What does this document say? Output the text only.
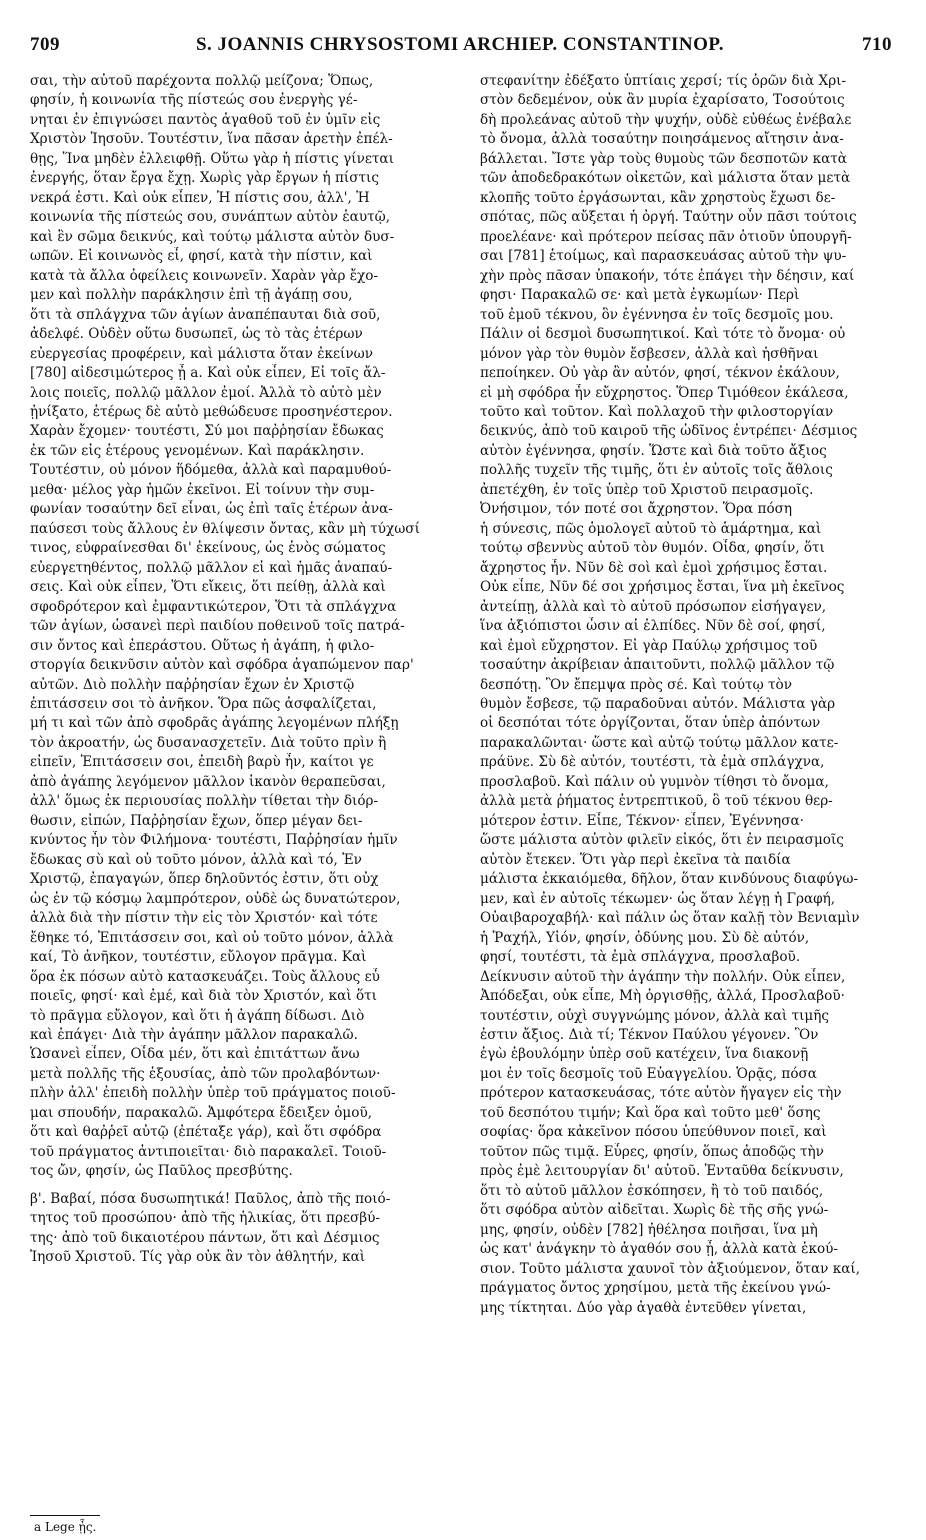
709	S. JOANNIS CHRYSOSTOMI ARCHIEP. CONSTANTINOP.	710
σαι, τὴν αὐτοῦ παρέχοντα πολλῷ μείζονα; Ὅπως,
φησίν, ἡ κοινωνία τῆς πίστεώς σου ἐνεργὴς γέ-
νηται ἐν ἐπιγνώσει παντὸς ἀγαθοῦ τοῦ ἐν ὑμῖν εἰς
Χριστὸν Ἰησοῦν. Τουτέστιν, ἵνα πᾶσαν ἀρετὴν ἐπέλ-
θῃς, Ἵνα μηδὲν ἐλλειφθῇ. Οὕτω γὰρ ἡ πίστις γίνεται
ἐνεργής, ὅταν ἔργα ἔχῃ. Χωρὶς γὰρ ἔργων ἡ πίστις
νεκρά ἐστι. Καὶ οὐκ εἶπεν, Ἡ πίστις σου, ἀλλ', Ἡ
κοινωνία τῆς πίστεώς σου, συνάπτων αὐτὸν ἑαυτῷ,
καὶ ἓν σῶμα δεικνύς, καὶ τούτῳ μάλιστα αὐτὸν δυσ-
ωπῶν. Εἰ κοινωνὸς εἶ, φησί, κατὰ τὴν πίστιν, καὶ
κατὰ τὰ ἄλλα ὀφείλεις κοινωνεῖν. Χαρὰν γὰρ ἔχο-
μεν καὶ πολλὴν παράκλησιν ἐπὶ τῇ ἀγάπῃ σου,
ὅτι τὰ σπλάγχνα τῶν ἁγίων ἀναπέπαυται διὰ σοῦ,
ἀδελφέ. Οὐδὲν οὕτω δυσωπεῖ, ὡς τὸ τὰς ἑτέρων
εὐεργεσίας προφέρειν, καὶ μάλιστα ὅταν ἐκείνων
[780] αἰδεσιμώτερος ᾖ a. Καὶ οὐκ εἶπεν, Εἰ τοῖς ἄλ-
λοις ποιεῖς, πολλῷ μᾶλλον ἐμοί. Ἀλλὰ τὸ αὐτὸ μὲν
ᾐνίξατο, ἑτέρως δὲ αὐτὸ μεθώδευσε προσηνέστερον.
Χαρὰν ἔχομεν· τουτέστι, Σύ μοι παῤῥησίαν ἔδωκας
ἐκ τῶν εἰς ἑτέρους γενομένων. Καὶ παράκλησιν.
Τουτέστιν, οὐ μόνον ἥδόμεθα, ἀλλὰ καὶ παραμυθού-
μεθα· μέλος γὰρ ἡμῶν ἐκεῖνοι. Εἰ τοίνυν τὴν συμ-
φωνίαν τοσαύτην δεῖ εἶναι, ὡς ἐπὶ ταῖς ἑτέρων ἀνα-
παύσεσι τοὺς ἄλλους ἐν θλίψεσιν ὄντας, κἂν μὴ τύχωσί
τινος, εὐφραίνεσθαι δι' ἐκείνους, ὡς ἑνὸς σώματος
εὐεργετηθέντος, πολλῷ μᾶλλον εἰ καὶ ἡμᾶς ἀναπαύ-
σεις. Καὶ οὐκ εἶπεν, Ὅτι εἴκεις, ὅτι πείθῃ, ἀλλὰ καὶ
σφοδρότερον καὶ ἐμφαντικώτερον, Ὅτι τὰ σπλάγχνα
τῶν ἁγίων, ὡσανεὶ περὶ παιδίου ποθεινοῦ τοῖς πατρά-
σιν ὄντος καὶ ἐπεράστου. Οὕτως ἡ ἀγάπη, ἡ φιλο-
στοργία δεικνῦσιν αὐτὸν καὶ σφόδρα ἀγαπώμενον παρ'
αὐτῶν. Διὸ πολλὴν παῤῥησίαν ἔχων ἐν Χριστῷ
ἐπιτάσσειν σοι τὸ ἀνῆκον. Ὅρα πῶς ἀσφαλίζεται,
μή τι καὶ τῶν ἀπὸ σφοδρᾶς ἀγάπης λεγομένων πλήξῃ
τὸν ἀκροατήν, ὡς δυσανασχετεῖν. Διὰ τοῦτο πρὶν ἢ
εἰπεῖν, Ἐπιτάσσειν σοι, ἐπειδὴ βαρὺ ἦν, καίτοι γε
ἀπὸ ἀγάπης λεγόμενον μᾶλλον ἱκανὸν θεραπεῦσαι,
ἀλλ' ὅμως ἐκ περιουσίας πολλὴν τίθεται τὴν διόρ-
θωσιν, εἰπών, Παῤῥησίαν ἔχων, ὅπερ μέγαν δει-
κνύντος ἦν τὸν Φιλήμονα· τουτέστι, Παῤῥησίαν ἡμῖν
ἔδωκας σὺ καὶ οὐ τοῦτο μόνον, ἀλλὰ καὶ τό, Ἐν
Χριστῷ, ἐπαγαγών, ὅπερ δηλοῦντός ἐστιν, ὅτι οὐχ
ὡς ἐν τῷ κόσμῳ λαμπρότερον, οὐδὲ ὡς δυνατώτερον,
ἀλλὰ διὰ τὴν πίστιν τὴν εἰς τὸν Χριστόν· καὶ τότε
ἔθηκε τό, Ἐπιτάσσειν σοι, καὶ οὐ τοῦτο μόνον, ἀλλὰ
καί, Τὸ ἀνῆκον, τουτέστιν, εὔλογον πρᾶγμα. Καὶ
ὅρα ἐκ πόσων αὐτὸ κατασκευάζει. Τοὺς ἄλλους εὖ
ποιεῖς, φησί· καὶ ἐμέ, καὶ διὰ τὸν Χριστόν, καὶ ὅτι
τὸ πρᾶγμα εὔλογον, καὶ ὅτι ἡ ἀγάπη δίδωσι. Διὸ
καὶ ἐπάγει· Διὰ τὴν ἀγάπην μᾶλλον παρακαλῶ.
Ὡσανεὶ εἶπεν, Οἶδα μέν, ὅτι καὶ ἐπιτάττων ἄνω
μετὰ πολλῆς τῆς ἐξουσίας, ἀπὸ τῶν προλαβόντων·
πλὴν ἀλλ' ἐπειδὴ πολλὴν ὑπὲρ τοῦ πράγματος ποιοῦ-
μαι σπουδήν, παρακαλῶ. Ἀμφότερα ἔδειξεν ὁμοῦ,
ὅτι καὶ θαῤῥεῖ αὐτῷ (ἐπέταξε γάρ), καὶ ὅτι σφόδρα
τοῦ πράγματος ἀντιποιεῖται· διὸ παρακαλεῖ. Τοιοῦ-
τος ὤν, φησίν, ὡς Παῦλος πρεσβύτης.
β'. Βαβαί, πόσα δυσωπητικά! Παῦλος, ἀπὸ τῆς ποιό-
τητος τοῦ προσώπου· ἀπὸ τῆς ἡλικίας, ὅτι πρεσβύ-
της· ἀπὸ τοῦ δικαιοτέρου πάντων, ὅτι καὶ Δέσμιος
Ἰησοῦ Χριστοῦ. Τίς γὰρ οὐκ ἂν τὸν ἀθλητήν, καὶ
στεφανίτην ἐδέξατο ὑπτίαις χερσί; τίς ὁρῶν διὰ Χρι-
στὸν δεδεμένον, οὐκ ἂν μυρία ἐχαρίσατο, Τοσούτοις
δὴ προλεάνας αὐτοῦ τὴν ψυχήν, οὐδὲ εὐθέως ἐνέβαλε
τὸ ὄνομα, ἀλλὰ τοσαύτην ποιησάμενος αἴτησιν ἀνα-
βάλλεται. Ἴστε γὰρ τοὺς θυμοὺς τῶν δεσποτῶν κατὰ
τῶν ἀποδεδρακότων οἰκετῶν, καὶ μάλιστα ὅταν μετὰ
κλοπῆς τοῦτο ἐργάσωνται, κἂν χρηστοὺς ἔχωσι δε-
σπότας, πῶς αὔξεται ἡ ὀργή. Ταύτην οὖν πᾶσι τούτοις
προελέανε· καὶ πρότερον πείσας πᾶν ὁτιοῦν ὑπουργῆ-
σαι [781] ἑτοίμως, καὶ παρασκευάσας αὐτοῦ τὴν ψυ-
χὴν πρὸς πᾶσαν ὑπακοήν, τότε ἐπάγει τὴν δέησιν, καί
φησι· Παρακαλῶ σε· καὶ μετὰ ἐγκωμίων· Περὶ
τοῦ ἐμοῦ τέκνου, ὃν ἐγέννησα ἐν τοῖς δεσμοῖς μου.
Πάλιν οἱ δεσμοὶ δυσωπητικοί. Καὶ τότε τὸ ὄνομα· οὐ
μόνον γὰρ τὸν θυμὸν ἔσβεσεν, ἀλλὰ καὶ ἡσθῆναι
πεποίηκεν. Οὐ γὰρ ἂν αὐτόν, φησί, τέκνον ἐκάλουν,
εἰ μὴ σφόδρα ἦν εὔχρηστος. Ὅπερ Τιμόθεον ἐκάλεσα,
τοῦτο καὶ τοῦτον. Καὶ πολλαχοῦ τὴν φιλοστοργίαν
δεικνύς, ἀπὸ τοῦ καιροῦ τῆς ὠδῖνος ἐντρέπει· Δέσμιος
αὐτὸν ἐγέννησα, φησίν. Ὥστε καὶ διὰ τοῦτο ἄξιος
πολλῆς τυχεῖν τῆς τιμῆς, ὅτι ἐν αὐτοῖς τοῖς ἄθλοις
ἀπετέχθη, ἐν τοῖς ὑπὲρ τοῦ Χριστοῦ πειρασμοῖς.
Ὀνήσιμον, τόν ποτέ σοι ἄχρηστον. Ὅρα πόση
ἡ σύνεσις, πῶς ὁμολογεῖ αὐτοῦ τὸ ἁμάρτημα, καὶ
τούτῳ σβεννὺς αὐτοῦ τὸν θυμόν. Οἶδα, φησίν, ὅτι
ἄχρηστος ἦν. Νῦν δὲ σοὶ καὶ ἐμοὶ χρήσιμος ἔσται.
Οὐκ εἶπε, Νῦν δέ σοι χρήσιμος ἔσται, ἵνα μὴ ἐκεῖνος
ἀντείπῃ, ἀλλὰ καὶ τὸ αὐτοῦ πρόσωπον εἰσήγαγεν,
ἵνα ἀξιόπιστοι ὦσιν αἱ ἐλπίδες. Νῦν δὲ σοί, φησί,
καὶ ἐμοὶ εὔχρηστον. Εἰ γὰρ Παύλῳ χρήσιμος τοῦ
τοσαύτην ἀκρίβειαν ἀπαιτοῦντι, πολλῷ μᾶλλον τῷ
δεσπότῃ. Ὃν ἔπεμψα πρὸς σέ. Καὶ τούτῳ τὸν
θυμὸν ἔσβεσε, τῷ παραδοῦναι αὐτόν. Μάλιστα γὰρ
οἱ δεσπόται τότε ὀργίζονται, ὅταν ὑπὲρ ἀπόντων
παρακαλῶνται· ὥστε καὶ αὐτῷ τούτῳ μᾶλλον κατε-
πράϋνε. Σὺ δὲ αὐτόν, τουτέστι, τὰ ἐμὰ σπλάγχνα,
προσλαβοῦ. Καὶ πάλιν οὐ γυμνὸν τίθησι τὸ ὄνομα,
ἀλλὰ μετὰ ῥήματος ἐντρεπτικοῦ, ὃ τοῦ τέκνου θερ-
μότερον ἐστιν. Εἶπε, Τέκνον· εἶπεν, Ἐγέννησα·
ὥστε μάλιστα αὐτὸν φιλεῖν εἰκός, ὅτι ἐν πειρασμοῖς
αὐτὸν ἔτεκεν. Ὅτι γὰρ περὶ ἐκεῖνα τὰ παιδία
μάλιστα ἐκκαιόμεθα, δῆλον, ὅταν κινδύνους διαφύγω-
μεν, καὶ ἐν αὐτοῖς τέκωμεν· ὡς ὅταν λέγῃ ἡ Γραφή,
Οὐαιβαροχαβήλ· καὶ πάλιν ὡς ὅταν καλῇ τὸν Βενιαμὶν
ἡ Ῥαχήλ, Υἱόν, φησίν, ὀδύνης μου. Σὺ δὲ αὐτόν,
φησί, τουτέστι, τὰ ἐμὰ σπλάγχνα, προσλαβοῦ.
Δείκνυσιν αὐτοῦ τὴν ἀγάπην τὴν πολλήν. Οὐκ εἶπεν,
Ἀπόδεξαι, οὐκ εἶπε, Μὴ ὀργισθῇς, ἀλλά, Προσλαβοῦ·
τουτέστιν, οὐχὶ συγγνώμης μόνον, ἀλλὰ καὶ τιμῆς
ἐστιν ἄξιος. Διὰ τί; Τέκνον Παύλου γέγονεν. Ὃν
ἐγὼ ἐβουλόμην ὑπὲρ σοῦ κατέχειν, ἵνα διακονῇ
μοι ἐν τοῖς δεσμοῖς τοῦ Εὐαγγελίου. Ὁρᾷς, πόσα
πρότερον κατασκευάσας, τότε αὐτὸν ἤγαγεν εἰς τὴν
τοῦ δεσπότου τιμήν; Καὶ ὅρα καὶ τοῦτο μεθ' ὅσης
σοφίας· ὅρα κἀκεῖνον πόσου ὑπεύθυνον ποιεῖ, καὶ
τοῦτον πῶς τιμᾷ. Εὗρες, φησίν, ὅπως ἀποδῷς τὴν
πρὸς ἐμὲ λειτουργίαν δι' αὐτοῦ. Ἐνταῦθα δείκνυσιν,
ὅτι τὸ αὐτοῦ μᾶλλον ἐσκόπησεν, ἢ τὸ τοῦ παιδός,
ὅτι σφόδρα αὐτὸν αἰδεῖται. Χωρὶς δὲ τῆς σῆς γνώ-
μης, φησίν, οὐδὲν [782] ἠθέλησα ποιῆσαι, ἵνα μὴ
ὡς κατ' ἀνάγκην τὸ ἀγαθόν σου ᾖ, ἀλλὰ κατὰ ἑκού-
σιον. Τοῦτο μάλιστα χαυνοῖ τὸν ἀξιούμενον, ὅταν καί,
πράγματος ὄντος χρησίμου, μετὰ τῆς ἐκείνου γνώ-
μης τίκτηται. Δύο γὰρ ἀγαθὰ ἐντεῦθεν γίνεται,
a Lege ᾖς.
